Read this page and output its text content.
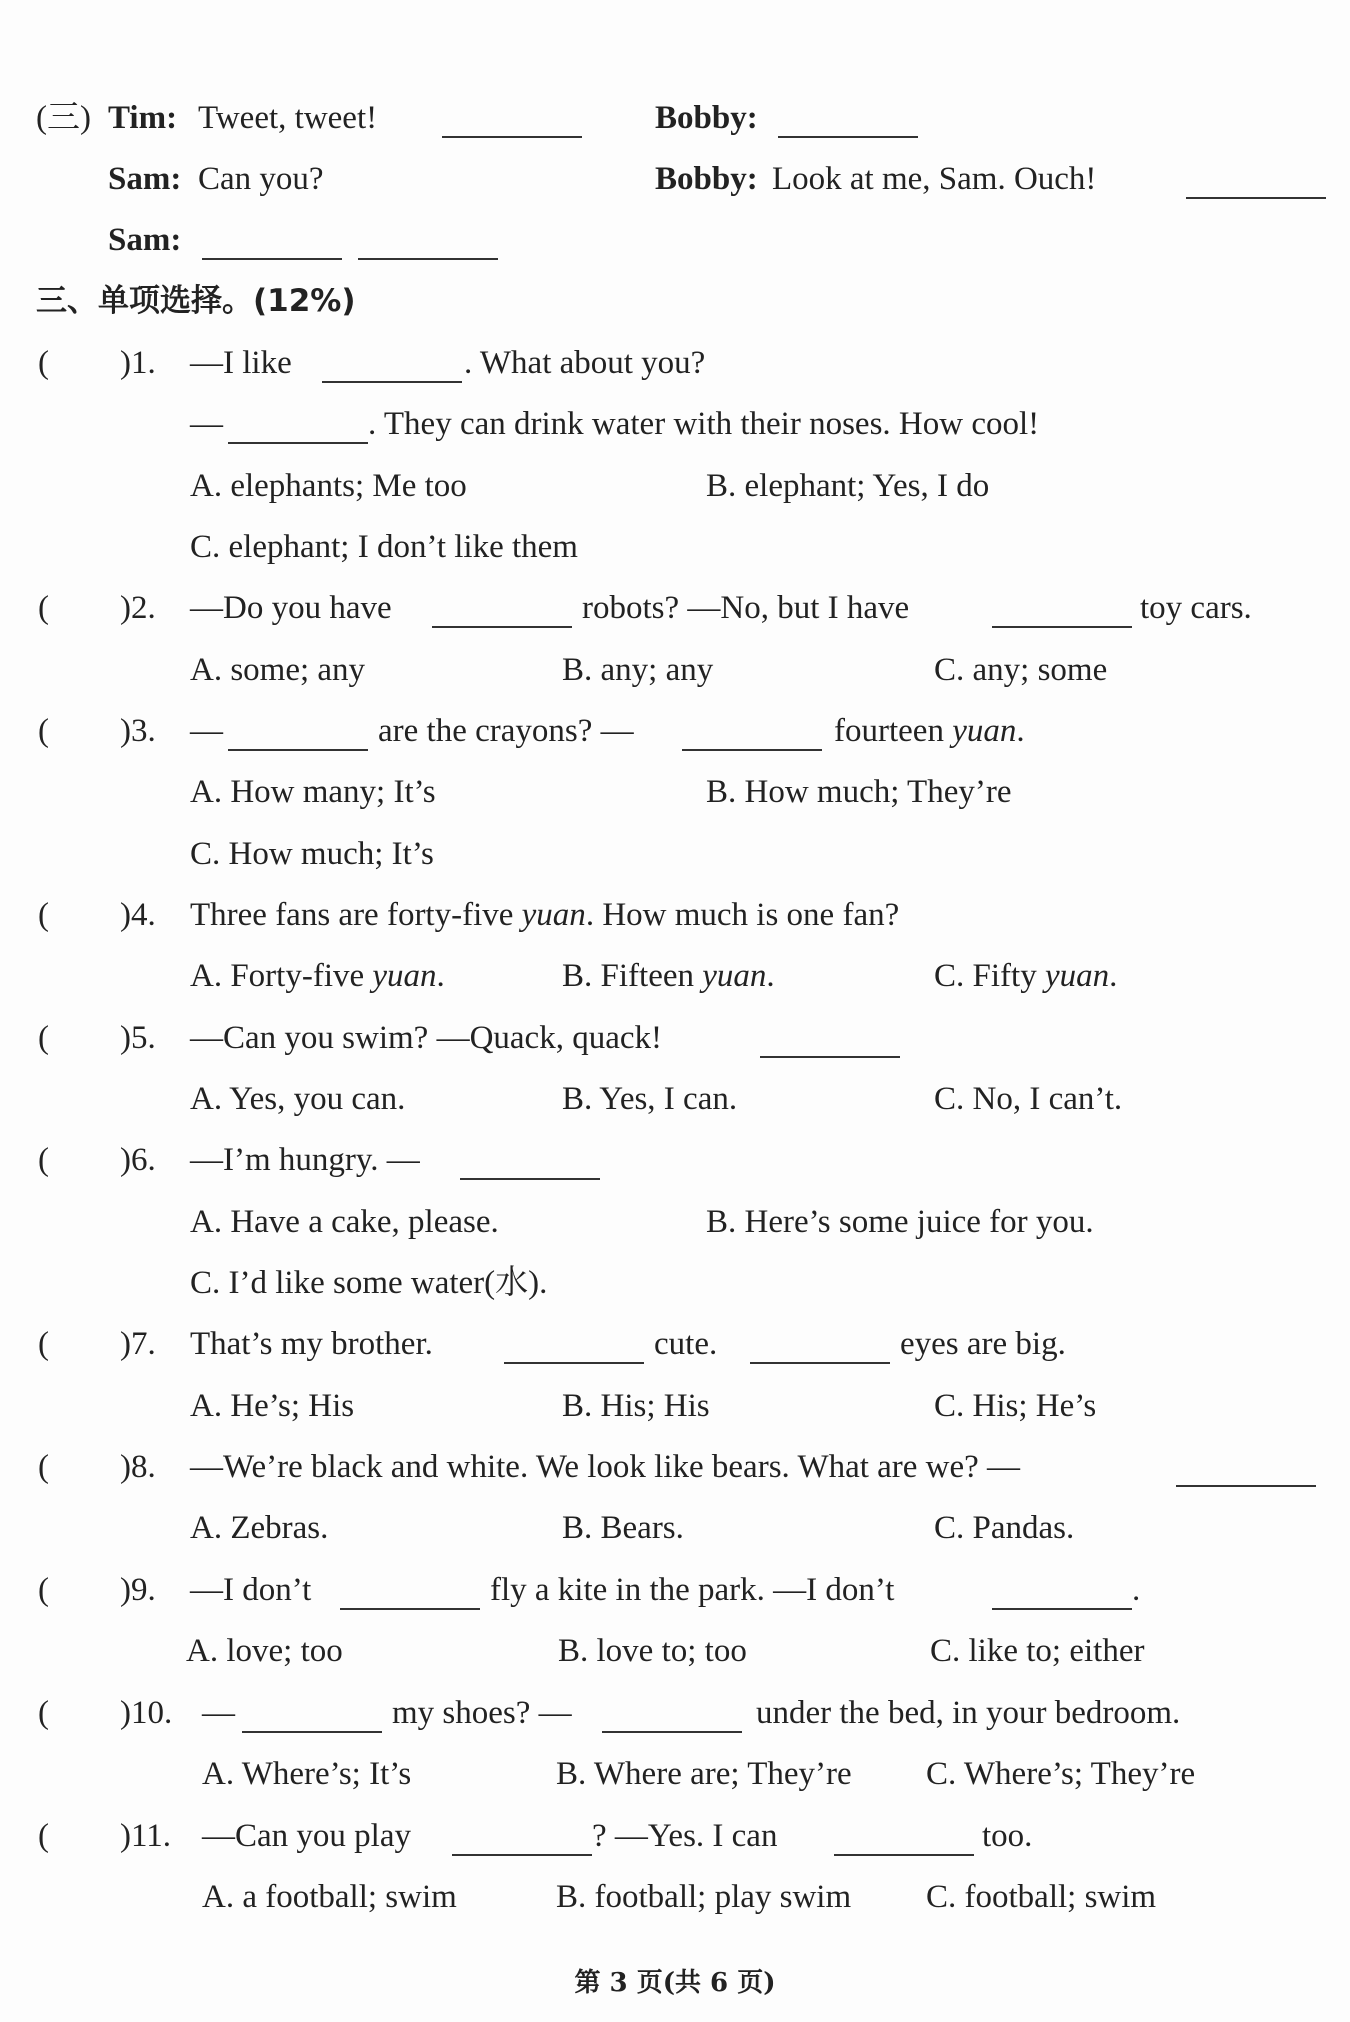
(三) Tim: Tweet, tweet!	Bobby:
Sam: Can you?	Bobby: Look at me, Sam. Ouch!
Sam:
三、单项选择。(12%)
( )1. —I like	. What about you?
—	. They can drink water with their noses. How cool!
A. elephants; Me too	B. elephant; Yes, I do
C. elephant; I don’t like them
( )2. —Do you have	robots? —No, but I have	toy cars.
A. some; any	B. any; any	C. any; some
( )3. —	are the crayons? —	fourteen yuan.
A. How many; It’s	B. How much; They’re
C. How much; It’s
( )4. Three fans are forty-five yuan. How much is one fan?
A. Forty-five yuan.	B. Fifteen yuan.	C. Fifty yuan.
( )5. —Can you swim? —Quack, quack!
A. Yes, you can.	B. Yes, I can.	C. No, I can’t.
( )6. —I’m hungry. —
A. Have a cake, please.	B. Here’s some juice for you.
C. I’d like some water(水).
( )7. That’s my brother.	cute.	eyes are big.
A. He’s; His	B. His; His	C. His; He’s
( )8. —We’re black and white. We look like bears. What are we? —
A. Zebras.	B. Bears.	C. Pandas.
( )9. —I don’t	fly a kite in the park. —I don’t	.
A. love; too	B. love to; too	C. like to; either
( )10. —	my shoes? —	under the bed, in your bedroom.
A. Where’s; It’s	B. Where are; They’re C. Where’s; They’re
( )11. —Can you play	? —Yes. I can	too.
A. a football; swim	B. football; play swim C. football; swim
第 3 页(共 6 页)
